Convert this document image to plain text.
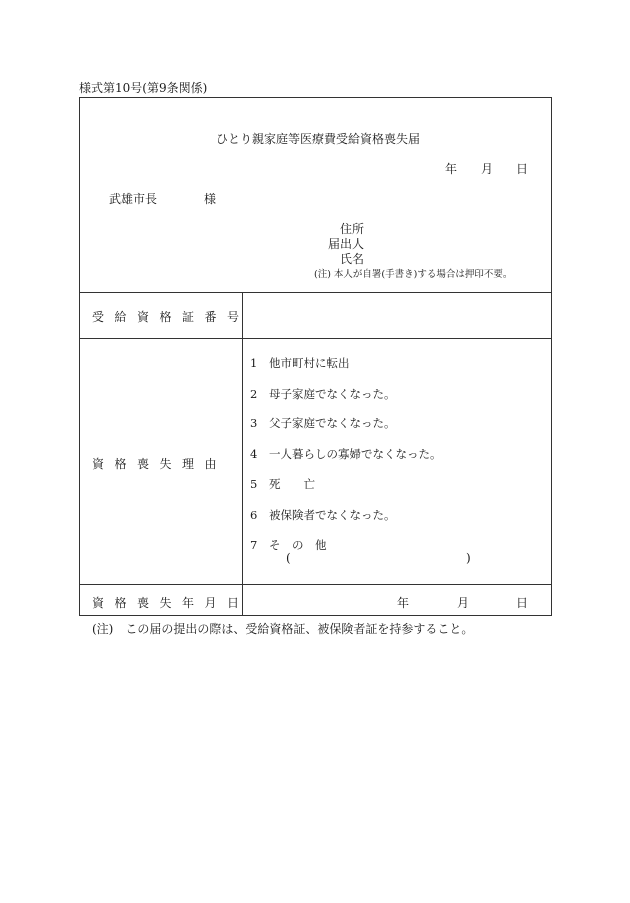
様式第10号(第9条関係)
ひとり親家庭等医療費受給資格喪失届
年 月 日
武雄市長	様
住所
届出人
氏名
(注) 本人が自署(手書き)する場合は押印不要。
受給資格証番号
資格喪失理由
1 他市町村に転出
2 母子家庭でなくなった。
3 父子家庭でなくなった。
4 一人暮らしの寡婦でなくなった。
5 死　　亡
6 被保険者でなくなった。
7 そ　の　他
(	)
資格喪失年月日	年	月	日
(注)　この届の提出の際は、受給資格証、被保険者証を持参すること。
